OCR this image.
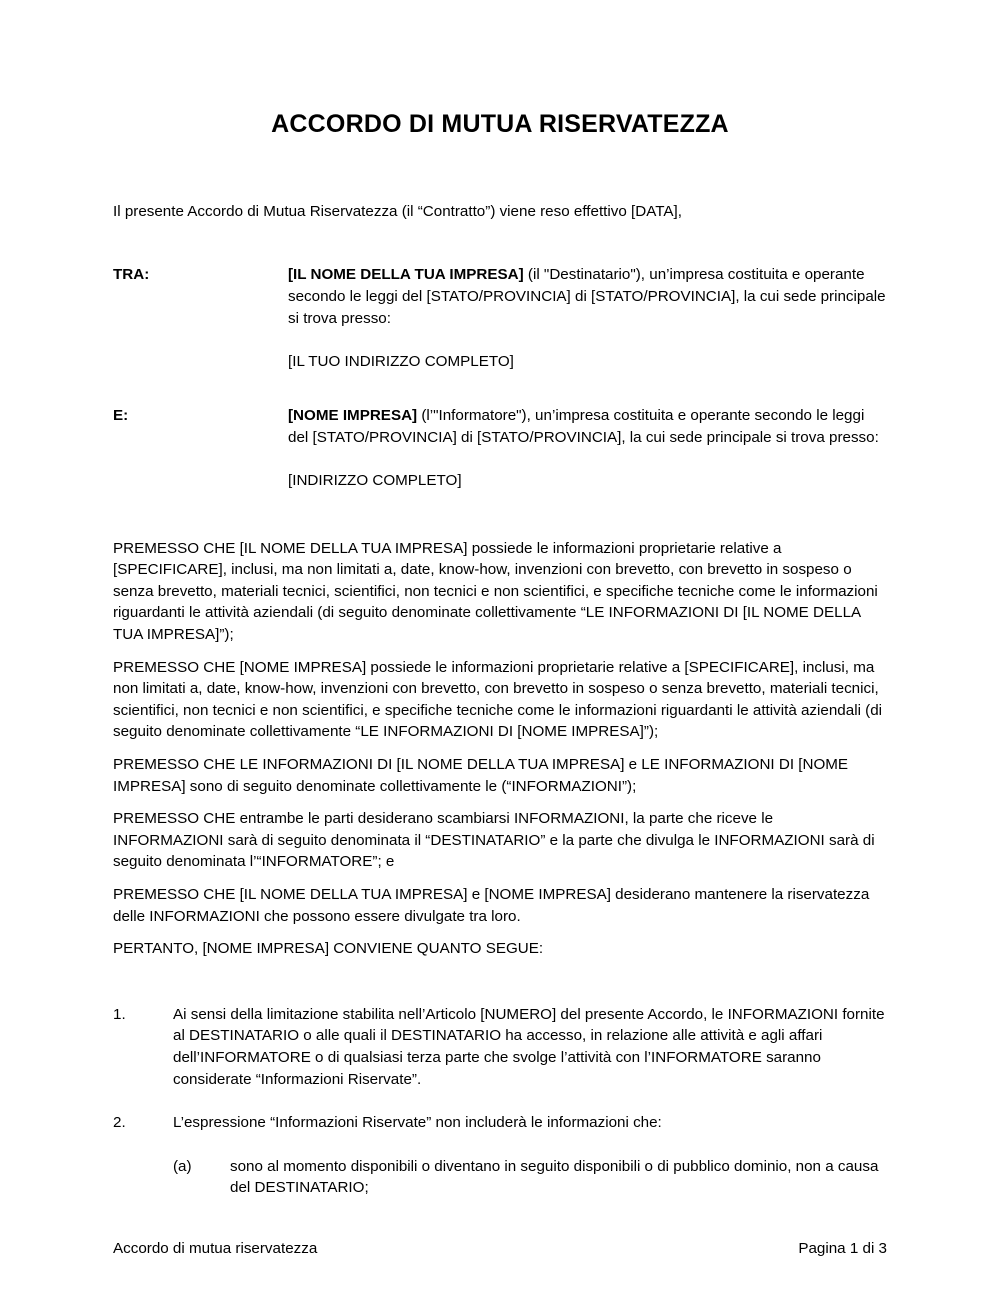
ACCORDO DI MUTUA RISERVATEZZA

Il presente Accordo di Mutua Riservatezza (il “Contratto”) viene reso effettivo [DATA],

TRA:	[IL NOME DELLA TUA IMPRESA] (il "Destinatario"), un’impresa costituita e operante secondo le leggi del [STATO/PROVINCIA] di [STATO/PROVINCIA], la cui sede principale si trova presso:
[IL TUO INDIRIZZO COMPLETO]
E:	[NOME IMPRESA] (l’"Informatore"), un’impresa costituita e operante secondo le leggi del [STATO/PROVINCIA] di [STATO/PROVINCIA], la cui sede principale si trova presso:
[INDIRIZZO COMPLETO]

PREMESSO CHE [IL NOME DELLA TUA IMPRESA] possiede le informazioni proprietarie relative a [SPECIFICARE], inclusi, ma non limitati a, date, know-how, invenzioni con brevetto, con brevetto in sospeso o senza brevetto, materiali tecnici, scientifici, non tecnici e non scientifici, e specifiche tecniche come le informazioni riguardanti le attività aziendali (di seguito denominate collettivamente “LE INFORMAZIONI DI [IL NOME DELLA TUA IMPRESA]”);

PREMESSO CHE [NOME IMPRESA] possiede le informazioni proprietarie relative a [SPECIFICARE], inclusi, ma non limitati a, date, know-how, invenzioni con brevetto, con brevetto in sospeso o senza brevetto, materiali tecnici, scientifici, non tecnici e non scientifici, e specifiche tecniche come le informazioni riguardanti le attività aziendali (di seguito denominate collettivamente “LE INFORMAZIONI DI [NOME IMPRESA]”);

PREMESSO CHE LE INFORMAZIONI DI [IL NOME DELLA TUA IMPRESA] e LE INFORMAZIONI DI [NOME IMPRESA] sono di seguito denominate collettivamente le (“INFORMAZIONI”);

PREMESSO CHE entrambe le parti desiderano scambiarsi INFORMAZIONI, la parte che riceve le INFORMAZIONI sarà di seguito denominata il “DESTINATARIO” e la parte che divulga le INFORMAZIONI sarà di seguito denominata l’“INFORMATORE”; e

PREMESSO CHE [IL NOME DELLA TUA IMPRESA] e [NOME IMPRESA] desiderano mantenere la riservatezza delle INFORMAZIONI che possono essere divulgate tra loro.

PERTANTO, [NOME IMPRESA] CONVIENE QUANTO SEGUE:

1.	Ai sensi della limitazione stabilita nell’Articolo [NUMERO] del presente Accordo, le INFORMAZIONI fornite al DESTINATARIO o alle quali il DESTINATARIO ha accesso, in relazione alle attività e agli affari dell’INFORMATORE o di qualsiasi terza parte che svolge l’attività con l’INFORMATORE saranno considerate “Informazioni Riservate”.
2.	L’espressione “Informazioni Riservate” non includerà le informazioni che:
(a)	sono al momento disponibili o diventano in seguito disponibili o di pubblico dominio, non a causa del DESTINATARIO;
Accordo di mutua riservatezza	Pagina 1 di 3
